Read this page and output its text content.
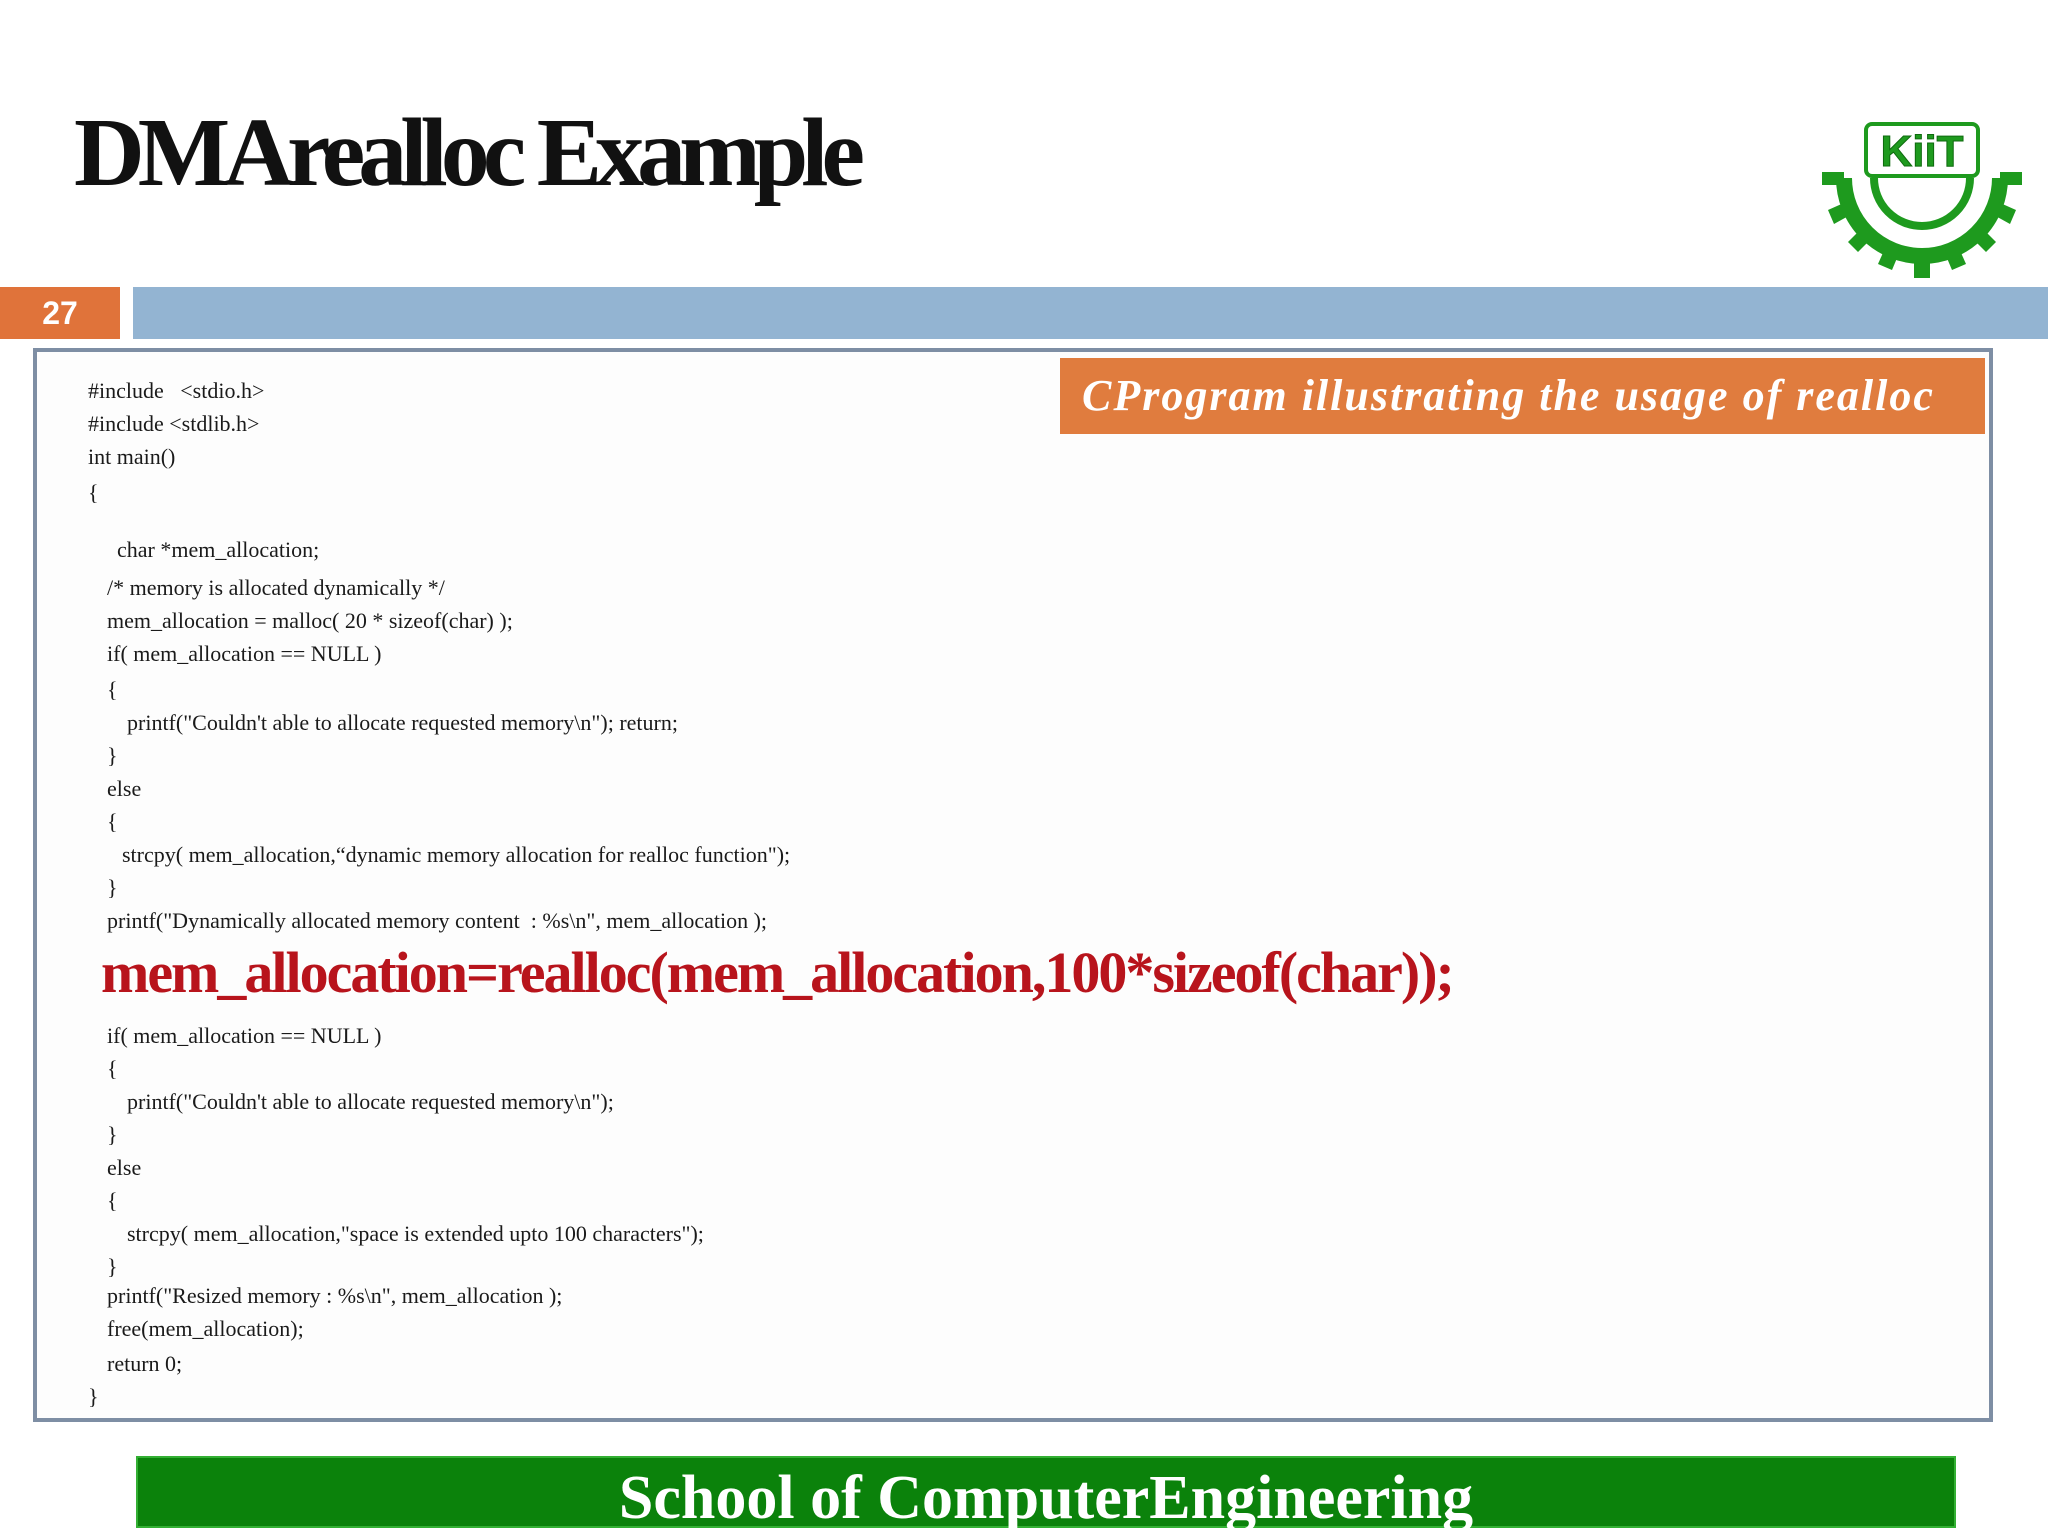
DMArealloc Example	KiiT
27
CProgram illustrating the usage of realloc

#include   <stdio.h>

#include <stdlib.h>

int main()

{

char *mem_allocation;

/* memory is allocated dynamically */

mem_allocation = malloc( 20 * sizeof(char) );

if( mem_allocation == NULL )

{

printf("Couldn't able to allocate requested memory\n"); return;

}

else

{

strcpy( mem_allocation,“dynamic memory allocation for realloc function");

}

printf("Dynamically allocated memory content  : %s\n", mem_allocation );

mem_allocation=realloc(mem_allocation,100*sizeof(char));

if( mem_allocation == NULL )

{

printf("Couldn't able to allocate requested memory\n");

}

else

{

strcpy( mem_allocation,"space is extended upto 100 characters");

}

printf("Resized memory : %s\n", mem_allocation );

free(mem_allocation);

return 0;

}

School of ComputerEngineering
